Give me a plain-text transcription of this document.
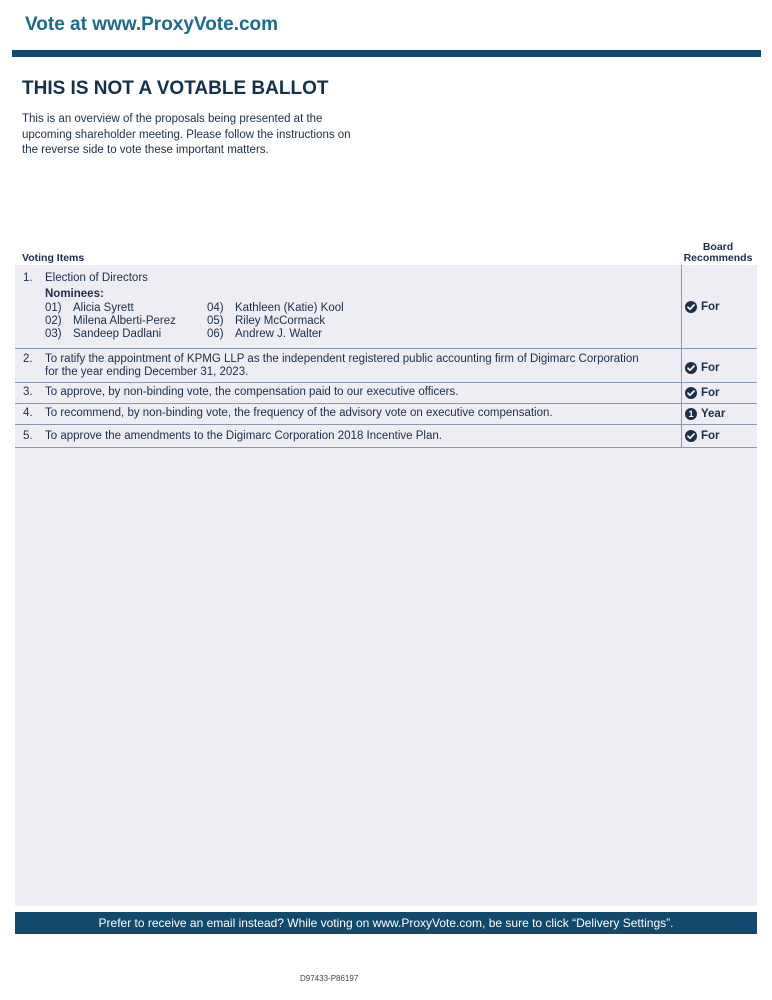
Vote at www.ProxyVote.com
THIS IS NOT A VOTABLE BALLOT
This is an overview of the proposals being presented at the
upcoming shareholder meeting. Please follow the instructions on
the reverse side to vote these important matters.
Voting Items
Board
Recommends
1.	Election of Directors
Nominees:
01) Alicia Syrett	04) Kathleen (Katie) Kool
02) Milena Alberti-Perez	05) Riley McCormack
03) Sandeep Dadlani	06) Andrew J. Walter
For
2.	To ratify the appointment of KPMG LLP as the independent registered public accounting firm of Digimarc Corporation
for the year ending December 31, 2023.	For
3.	To approve, by non-binding vote, the compensation paid to our executive officers.	For
4.	To recommend, by non-binding vote, the frequency of the advisory vote on executive compensation.	1 Year
5.	To approve the amendments to the Digimarc Corporation 2018 Incentive Plan.	For
Prefer to receive an email instead? While voting on www.ProxyVote.com, be sure to click “Delivery Settings”.
D97433-P86197
